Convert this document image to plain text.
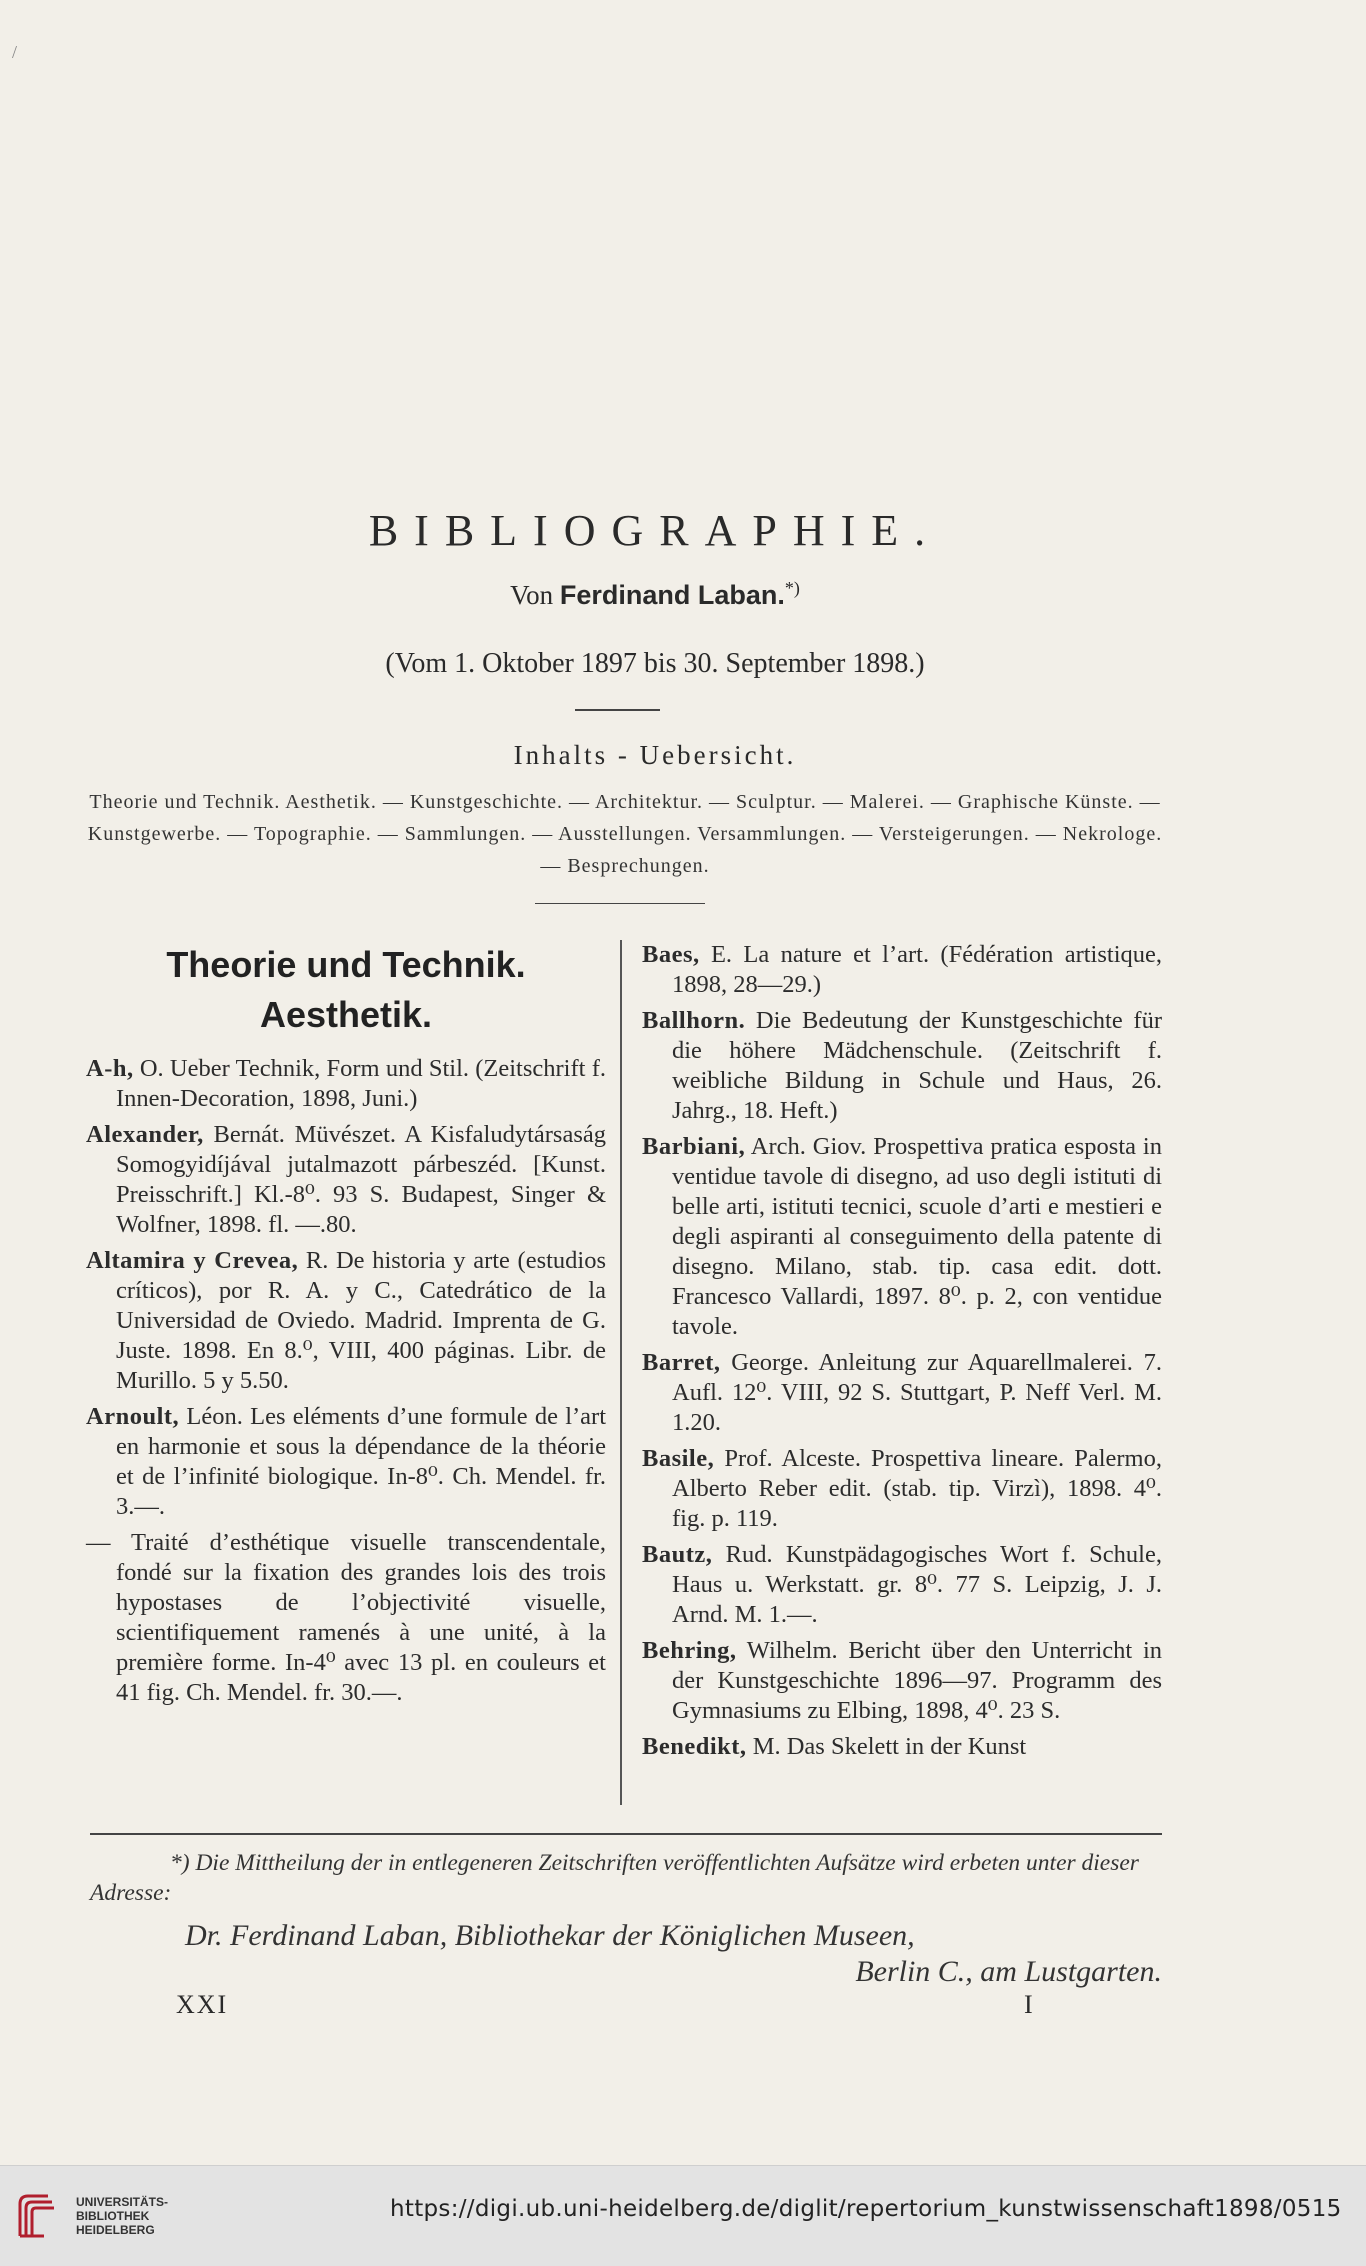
/
BIBLIOGRAPHIE.
Von Ferdinand Laban.*)
(Vom 1. Oktober 1897 bis 30. September 1898.)
Inhalts - Uebersicht.
Theorie und Technik. Aesthetik. — Kunstgeschichte. — Architektur. — Sculptur. — Malerei. — Graphische Künste. — Kunstgewerbe. — Topographie. — Sammlungen. — Ausstellungen. Versammlungen. — Versteigerungen. — Nekrologe. — Besprechungen.
Theorie und Technik.
Aesthetik.
A-h, O. Ueber Technik, Form und Stil. (Zeitschrift f. Innen-Decoration, 1898, Juni.)
Alexander, Bernát. Müvészet. A Kisfaludytársaság Somogyidíjával jutalmazott párbeszéd. [Kunst. Preisschrift.] Kl.-8⁰. 93 S. Budapest, Singer & Wolfner, 1898. fl. —.80.
Altamira y Crevea, R. De historia y arte (estudios críticos), por R. A. y C., Catedrático de la Universidad de Oviedo. Madrid. Imprenta de G. Juste. 1898. En 8.⁰, VIII, 400 páginas. Libr. de Murillo. 5 y 5.50.
Arnoult, Léon. Les eléments d’une formule de l’art en harmonie et sous la dépendance de la théorie et de l’infinité biologique. In-8⁰. Ch. Mendel. fr. 3.—.
— Traité d’esthétique visuelle transcendentale, fondé sur la fixation des grandes lois des trois hypostases de l’objectivité visuelle, scientifiquement ramenés à une unité, à la première forme. In-4⁰ avec 13 pl. en couleurs et 41 fig. Ch. Mendel. fr. 30.—.
Baes, E. La nature et l’art. (Fédération artistique, 1898, 28—29.)
Ballhorn. Die Bedeutung der Kunstgeschichte für die höhere Mädchenschule. (Zeitschrift f. weibliche Bildung in Schule und Haus, 26. Jahrg., 18. Heft.)
Barbiani, Arch. Giov. Prospettiva pratica esposta in ventidue tavole di disegno, ad uso degli istituti di belle arti, istituti tecnici, scuole d’arti e mestieri e degli aspiranti al conseguimento della patente di disegno. Milano, stab. tip. casa edit. dott. Francesco Vallardi, 1897. 8⁰. p. 2, con ventidue tavole.
Barret, George. Anleitung zur Aquarellmalerei. 7. Aufl. 12⁰. VIII, 92 S. Stuttgart, P. Neff Verl. M. 1.20.
Basile, Prof. Alceste. Prospettiva lineare. Palermo, Alberto Reber edit. (stab. tip. Virzì), 1898. 4⁰. fig. p. 119.
Bautz, Rud. Kunstpädagogisches Wort f. Schule, Haus u. Werkstatt. gr. 8⁰. 77 S. Leipzig, J. J. Arnd. M. 1.—.
Behring, Wilhelm. Bericht über den Unterricht in der Kunstgeschichte 1896—97. Programm des Gymnasiums zu Elbing, 1898, 4⁰. 23 S.
Benedikt, M. Das Skelett in der Kunst
*) Die Mittheilung der in entlegeneren Zeitschriften veröffentlichten Aufsätze wird erbeten unter dieser Adresse:
Dr. Ferdinand Laban, Bibliothekar der Königlichen Museen,
Berlin C., am Lustgarten.
XXI	I
UNIVERSITÄTS-
BIBLIOTHEK
HEIDELBERG
https://digi.ub.uni-heidelberg.de/diglit/repertorium_kunstwissenschaft1898/0515
